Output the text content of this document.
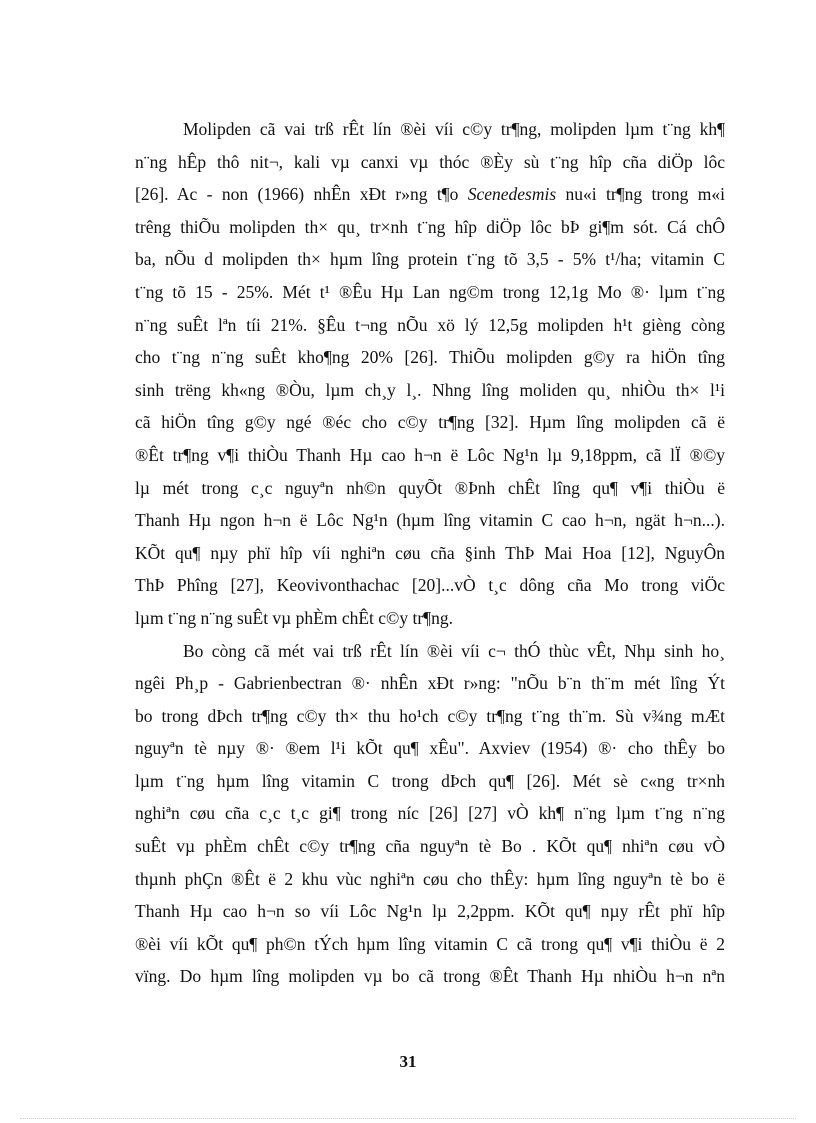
Molipden cã vai trß rÊt lín ®èi víi c©y tr¶ng, molipden lµm t¨ng kh¶
n¨ng hÊp thô nit¬, kali vµ canxi vµ thóc ®Èy sù t¨ng hîp cña diÖp lôc
[26]. Ac - non (1966) nhÊn xÐt r»ng t¶o Scenedesmis nu«i tr¶ng trong m«i
trêng thiÕu molipden th× qu¸ tr×nh t¨ng hîp diÖp lôc bÞ gi¶m sót. Cá chÔ
ba, nÕu d molipden th× hµm lîng protein t¨ng tõ 3,5 - 5% t¹/ha; vitamin C
t¨ng tõ 15 - 25%. Mét t¹ ®Êu Hµ Lan ng©m trong 12,1g Mo ®· lµm t¨ng
n¨ng suÊt lªn tíi 21%. §Êu t¬ng nÕu xö lý 12,5g molipden h¹t gièng còng
cho t¨ng n¨ng suÊt kho¶ng 20% [26]. ThiÕu molipden g©y ra hiÖn tîng
sinh trëng kh«ng ®Òu, lµm ch¸y l¸. Nhng lîng moliden qu¸ nhiÒu th× l¹i
cã hiÖn tîng g©y ngé ®éc cho c©y tr¶ng [32]. Hµm lîng molipden cã ë
®Êt tr¶ng v¶i thiÒu Thanh Hµ cao h¬n ë Lôc Ng¹n lµ 9,18ppm, cã lÏ ®©y
lµ mét trong c¸c nguyªn nh©n quyÕt ®Þnh chÊt lîng qu¶ v¶i thiÒu ë
Thanh Hµ ngon h¬n ë Lôc Ng¹n (hµm lîng vitamin C cao h¬n, ngät h¬n...).
KÕt qu¶ nµy phï hîp víi nghiªn cøu cña §inh ThÞ Mai Hoa [12], NguyÔn
ThÞ Phîng [27], Keovivonthachac [20]...vÒ t¸c dông cña Mo trong viÖc
lµm t¨ng n¨ng suÊt vµ phÈm chÊt c©y tr¶ng.
Bo còng cã mét vai trß rÊt lín ®èi víi c¬ thÓ thùc vÊt, Nhµ sinh ho¸
ngêi Ph¸p - Gabrienbectran ®· nhÊn xÐt r»ng: "nÕu b¨n th¨m mét lîng Ýt
bo trong dÞch tr¶ng c©y th× thu ho¹ch c©y tr¶ng t¨ng th¨m. Sù v¾ng mÆt
nguyªn tè nµy ®· ®em l¹i kÕt qu¶ xÊu". Axviev (1954) ®· cho thÊy bo
lµm t¨ng hµm lîng vitamin C trong dÞch qu¶ [26]. Mét sè c«ng tr×nh
nghiªn cøu cña c¸c t¸c gi¶ trong níc [26] [27] vÒ kh¶ n¨ng lµm t¨ng n¨ng
suÊt vµ phÈm chÊt c©y tr¶ng cña nguyªn tè Bo . KÕt qu¶ nhiªn cøu vÒ
thµnh phÇn ®Êt ë 2 khu vùc nghiªn cøu cho thÊy: hµm lîng nguyªn tè bo ë
Thanh Hµ cao h¬n so víi Lôc Ng¹n lµ 2,2ppm. KÕt qu¶ nµy rÊt phï hîp
®èi víi kÕt qu¶ ph©n tÝch hµm lîng vitamin C cã trong qu¶ v¶i thiÒu ë 2
vïng. Do hµm lîng molipden vµ bo cã trong ®Êt Thanh Hµ nhiÒu h¬n nªn
31
